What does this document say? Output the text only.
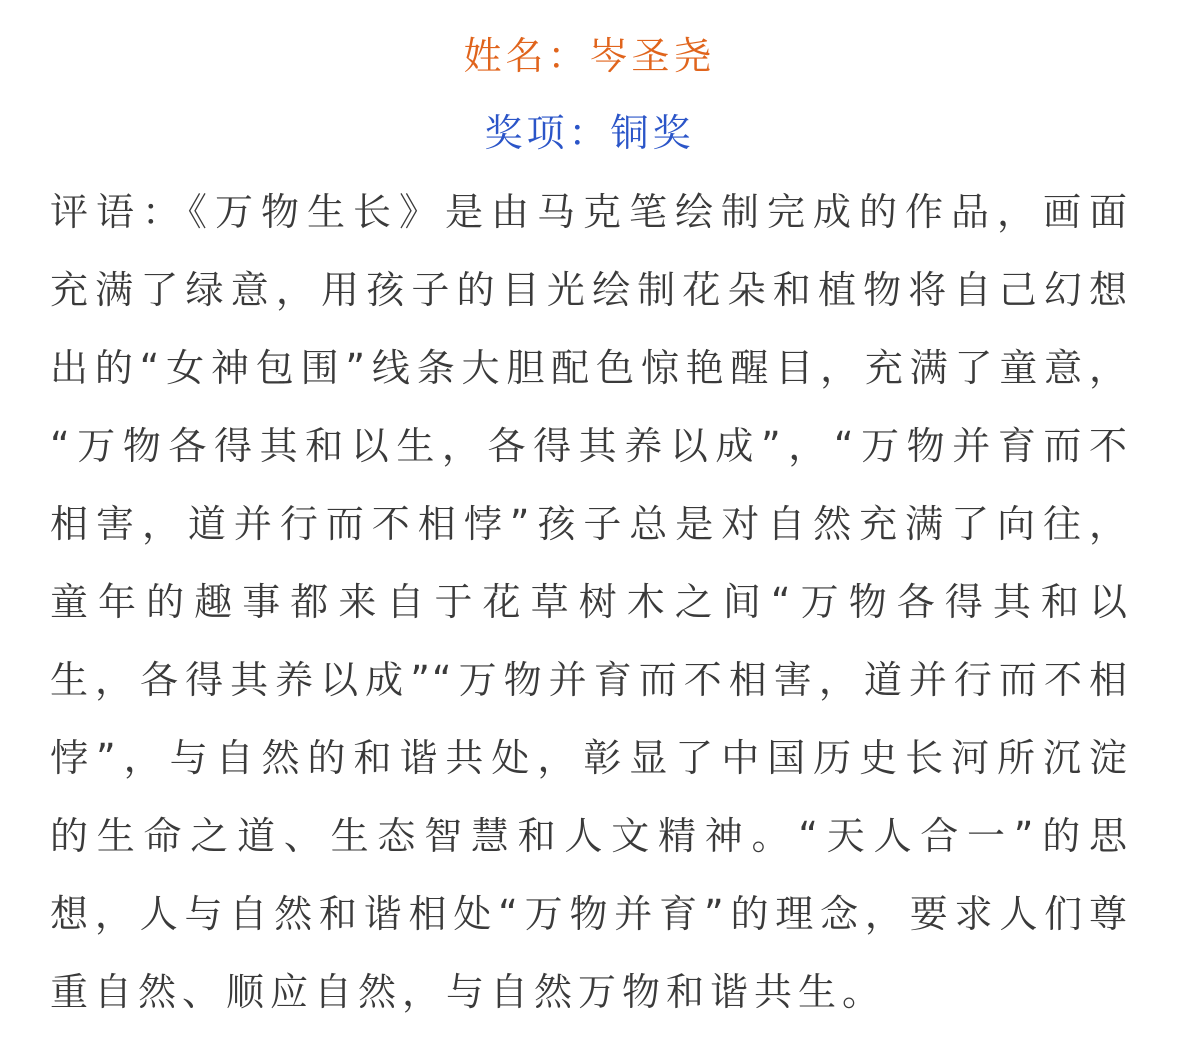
姓名：岑圣尧
奖项：铜奖
评语：《万物生长》是由马克笔绘制完成的作品，画面
充满了绿意，用孩子的目光绘制花朵和植物将自己幻想
出的“女神包围”线条大胆配色惊艳醒目，充满了童意，
“万物各得其和以生，各得其养以成”，“万物并育而不
相害，道并行而不相悖”孩子总是对自然充满了向往，
童年的趣事都来自于花草树木之间“万物各得其和以
生，各得其养以成”“万物并育而不相害，道并行而不相
悖”，与自然的和谐共处，彰显了中国历史长河所沉淀
的生命之道、生态智慧和人文精神。“天人合一”的思
想，人与自然和谐相处“万物并育”的理念，要求人们尊
重自然、顺应自然，与自然万物和谐共生。
